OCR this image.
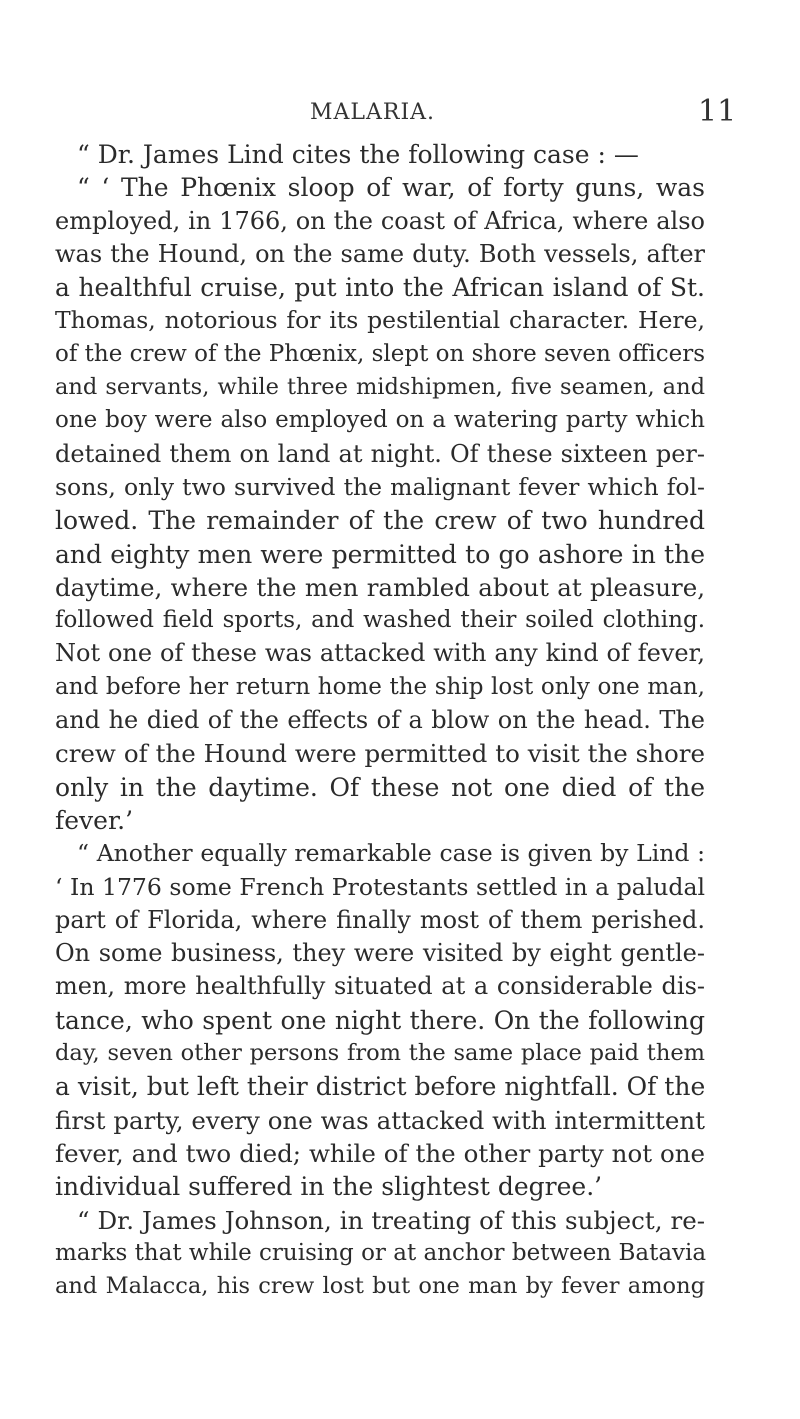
MALARIA.	11
“ Dr. James Lind cites the following case : —
“ ‘ The Phœnix sloop of war, of forty guns, was
employed, in 1766, on the coast of Africa, where also
was the Hound, on the same duty. Both vessels, after
a healthful cruise, put into the African island of St.
Thomas, notorious for its pestilential character. Here,
of the crew of the Phœnix, slept on shore seven officers
and servants, while three midshipmen, five seamen, and
one boy were also employed on a watering party which
detained them on land at night. Of these sixteen per-
sons, only two survived the malignant fever which fol-
lowed. The remainder of the crew of two hundred
and eighty men were permitted to go ashore in the
daytime, where the men rambled about at pleasure,
followed field sports, and washed their soiled clothing.
Not one of these was attacked with any kind of fever,
and before her return home the ship lost only one man,
and he died of the effects of a blow on the head. The
crew of the Hound were permitted to visit the shore
only in the daytime. Of these not one died of the
fever.’
“ Another equally remarkable case is given by Lind :
‘ In 1776 some French Protestants settled in a paludal
part of Florida, where finally most of them perished.
On some business, they were visited by eight gentle-
men, more healthfully situated at a considerable dis-
tance, who spent one night there. On the following
day, seven other persons from the same place paid them
a visit, but left their district before nightfall. Of the
first party, every one was attacked with intermittent
fever, and two died; while of the other party not one
individual suffered in the slightest degree.’
“ Dr. James Johnson, in treating of this subject, re-
marks that while cruising or at anchor between Batavia
and Malacca, his crew lost but one man by fever among
